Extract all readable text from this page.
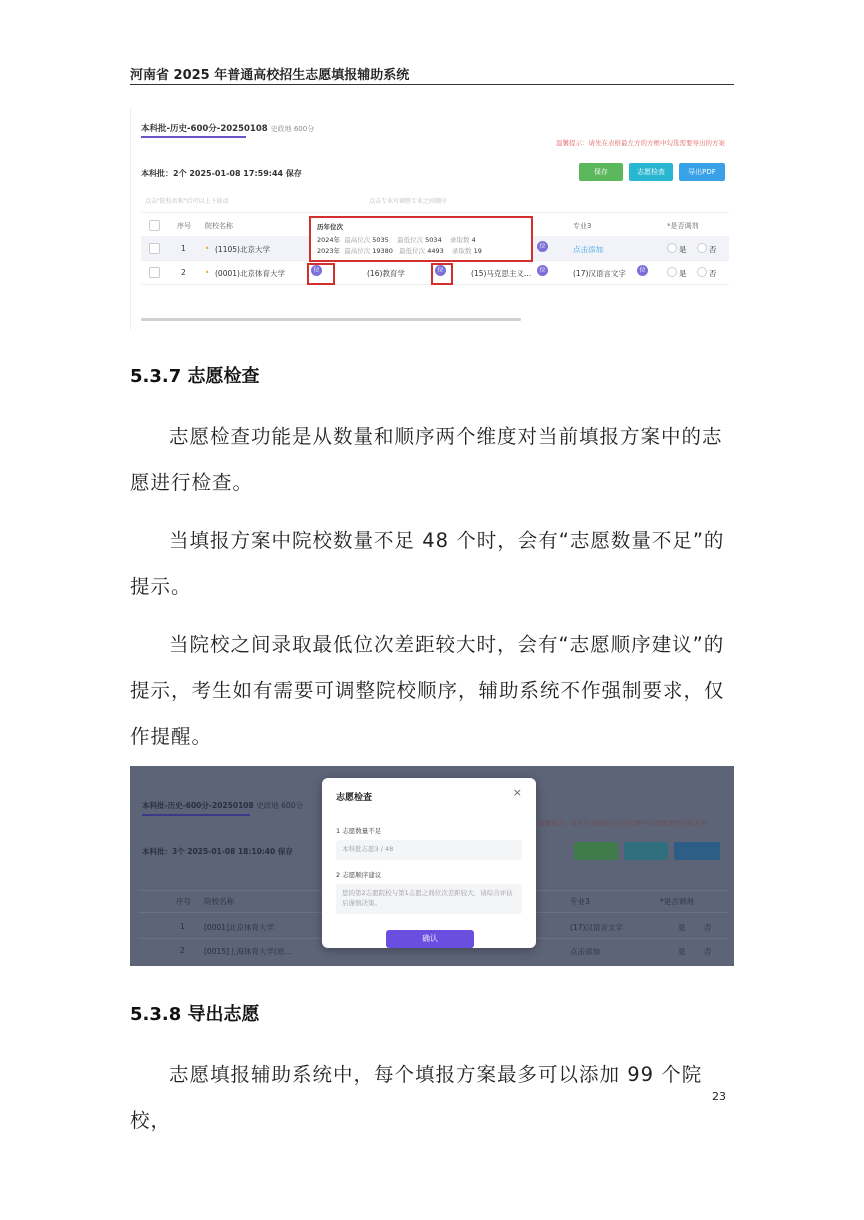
河南省 2025 年普通高校招生志愿填报辅助系统
本科批-历史-600分-20250108 史政地 600分
温馨提示：请先在表格最左方的方框中勾选需要导出的方案
本科批：2个 2025-01-08 17:59:44 保存	保存	志愿检查	导出PDF
点击"院校名称"后可以上下移动	点击专业可调整专业之间顺序
序号 院校名称	专业3	*是否调剂
1	• (1105)北京大学	位	点击添加	是	否
2	• (0001)北京体育大学	位	(16)教育学	位	(15)马克思主义…	位	(17)汉语言文字	位	是	否
历年位次
2024年 最高位次 5035 最低位次 5034 录取数 4
2023年 最高位次 19380 最低位次 4493 录取数 19
5.3.7 志愿检查
志愿检查功能是从数量和顺序两个维度对当前填报方案中的志愿进行检查。
当填报方案中院校数量不足 48 个时，会有“志愿数量不足”的提示。
当院校之间录取最低位次差距较大时，会有“志愿顺序建议”的提示，考生如有需要可调整院校顺序，辅助系统不作强制要求，仅作提醒。
本科批-历史-600分-20250108 史政地 600分
温馨提示：请先在表格最左方的方框中勾选需要导出的方案
本科批：3个 2025-01-08 18:10:40 保存
序号 院校名称	专业3	*是否调剂
1	[0001]北京体育大学	(17)汉语言文字	是 否
2	[0015]上海体育大学(原…	点击添加	是 否
志愿检查	×
1 志愿数量不足
本科批志愿3 / 48
2 志愿顺序建议
您的第2志愿院校与第1志愿之间位次差距较大，请综合评估后谨慎决策。
确认
5.3.8 导出志愿
志愿填报辅助系统中，每个填报方案最多可以添加 99 个院校，
23
